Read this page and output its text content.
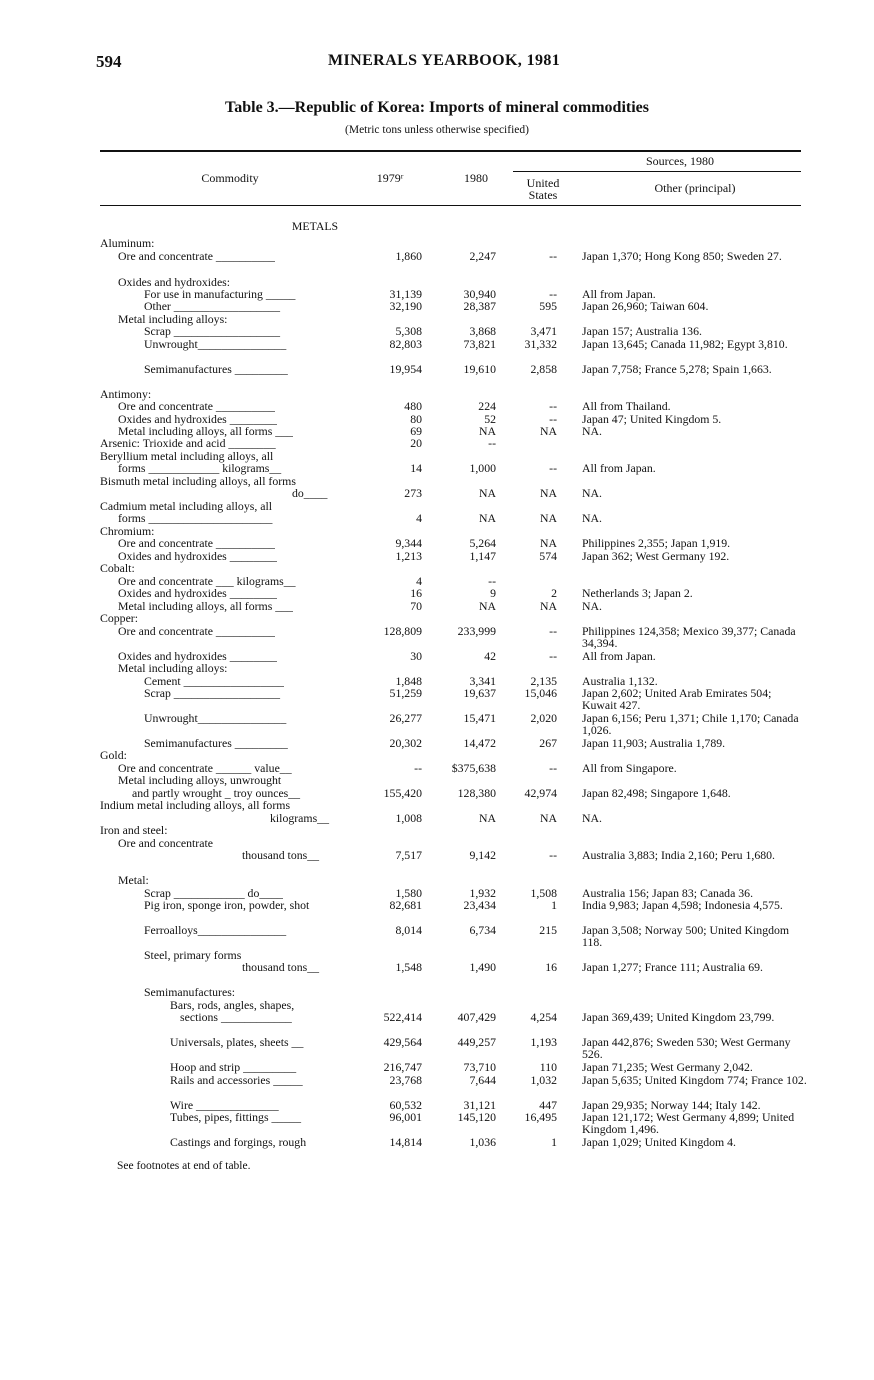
594	MINERALS YEARBOOK, 1981
Table 3.—Republic of Korea: Imports of mineral commodities
(Metric tons unless otherwise specified)
Commodity	1979ʳ	1980
Sources, 1980
United
States	Other (principal)
METALS
Aluminum:
Ore and concentrate __________	1,860	2,247	-- Japan 1,370; Hong Kong 850; Sweden 27.
Oxides and hydroxides:
For use in manufacturing _____	31,139	30,940	-- All from Japan.
Other __________________	32,190	28,387	595 Japan 26,960; Taiwan 604.
Metal including alloys:
Scrap __________________	5,308	3,868	3,471 Japan 157; Australia 136.
Unwrought_______________	82,803	73,821	31,332 Japan 13,645; Canada 11,982; Egypt 3,810.
Semimanufactures _________	19,954	19,610	2,858 Japan 7,758; France 5,278; Spain 1,663.
Antimony:
Ore and concentrate __________	480	224	-- All from Thailand.
Oxides and hydroxides ________	80	52	-- Japan 47; United Kingdom 5.
Metal including alloys, all forms ___	69	NA	NA NA.
Arsenic: Trioxide and acid ________	20	--
Beryllium metal including alloys, all
forms ____________ kilograms__	14	1,000	-- All from Japan.
Bismuth metal including alloys, all forms
do____	273	NA	NA NA.
Cadmium metal including alloys, all
forms _____________________	4	NA	NA NA.
Chromium:
Ore and concentrate __________	9,344	5,264	NA Philippines 2,355; Japan 1,919.
Oxides and hydroxides ________	1,213	1,147	574 Japan 362; West Germany 192.
Cobalt:
Ore and concentrate ___ kilograms__	4	--
Oxides and hydroxides ________	16	9	2 Netherlands 3; Japan 2.
Metal including alloys, all forms ___	70	NA	NA NA.
Copper:
Ore and concentrate __________	128,809	233,999	-- Philippines 124,358; Mexico 39,377; Canada 34,394.
Oxides and hydroxides ________	30	42	-- All from Japan.
Metal including alloys:
Cement _________________	1,848	3,341	2,135 Australia 1,132.
Scrap __________________	51,259	19,637	15,046 Japan 2,602; United Arab Emirates 504; Kuwait 427.
Unwrought_______________	26,277	15,471	2,020 Japan 6,156; Peru 1,371; Chile 1,170; Canada 1,026.
Semimanufactures _________	20,302	14,472	267 Japan 11,903; Australia 1,789.
Gold:
Ore and concentrate ______ value__	--	$375,638	-- All from Singapore.
Metal including alloys, unwrought
and partly wrought _ troy ounces__	155,420	128,380	42,974 Japan 82,498; Singapore 1,648.
Indium metal including alloys, all forms
kilograms__	1,008	NA	NA NA.
Iron and steel:
Ore and concentrate
thousand tons__	7,517	9,142	-- Australia 3,883; India 2,160; Peru 1,680.
Metal:
Scrap ____________ do____	1,580	1,932	1,508 Australia 156; Japan 83; Canada 36.
Pig iron, sponge iron, powder, shot	82,681	23,434	1 India 9,983; Japan 4,598; Indonesia 4,575.
Ferroalloys_______________	8,014	6,734	215 Japan 3,508; Norway 500; United Kingdom 118.
Steel, primary forms
thousand tons__	1,548	1,490	16 Japan 1,277; France 111; Australia 69.
Semimanufactures:
Bars, rods, angles, shapes,
sections ____________	522,414	407,429	4,254 Japan 369,439; United Kingdom 23,799.
Universals, plates, sheets __	429,564	449,257	1,193 Japan 442,876; Sweden 530; West Germany 526.
Hoop and strip _________	216,747	73,710	110 Japan 71,235; West Germany 2,042.
Rails and accessories _____	23,768	7,644	1,032 Japan 5,635; United Kingdom 774; France 102.
Wire ______________	60,532	31,121	447 Japan 29,935; Norway 144; Italy 142.
Tubes, pipes, fittings _____	96,001	145,120	16,495 Japan 121,172; West Germany 4,899; United Kingdom 1,496.
Castings and forgings, rough	14,814	1,036	1 Japan 1,029; United Kingdom 4.
See footnotes at end of table.
